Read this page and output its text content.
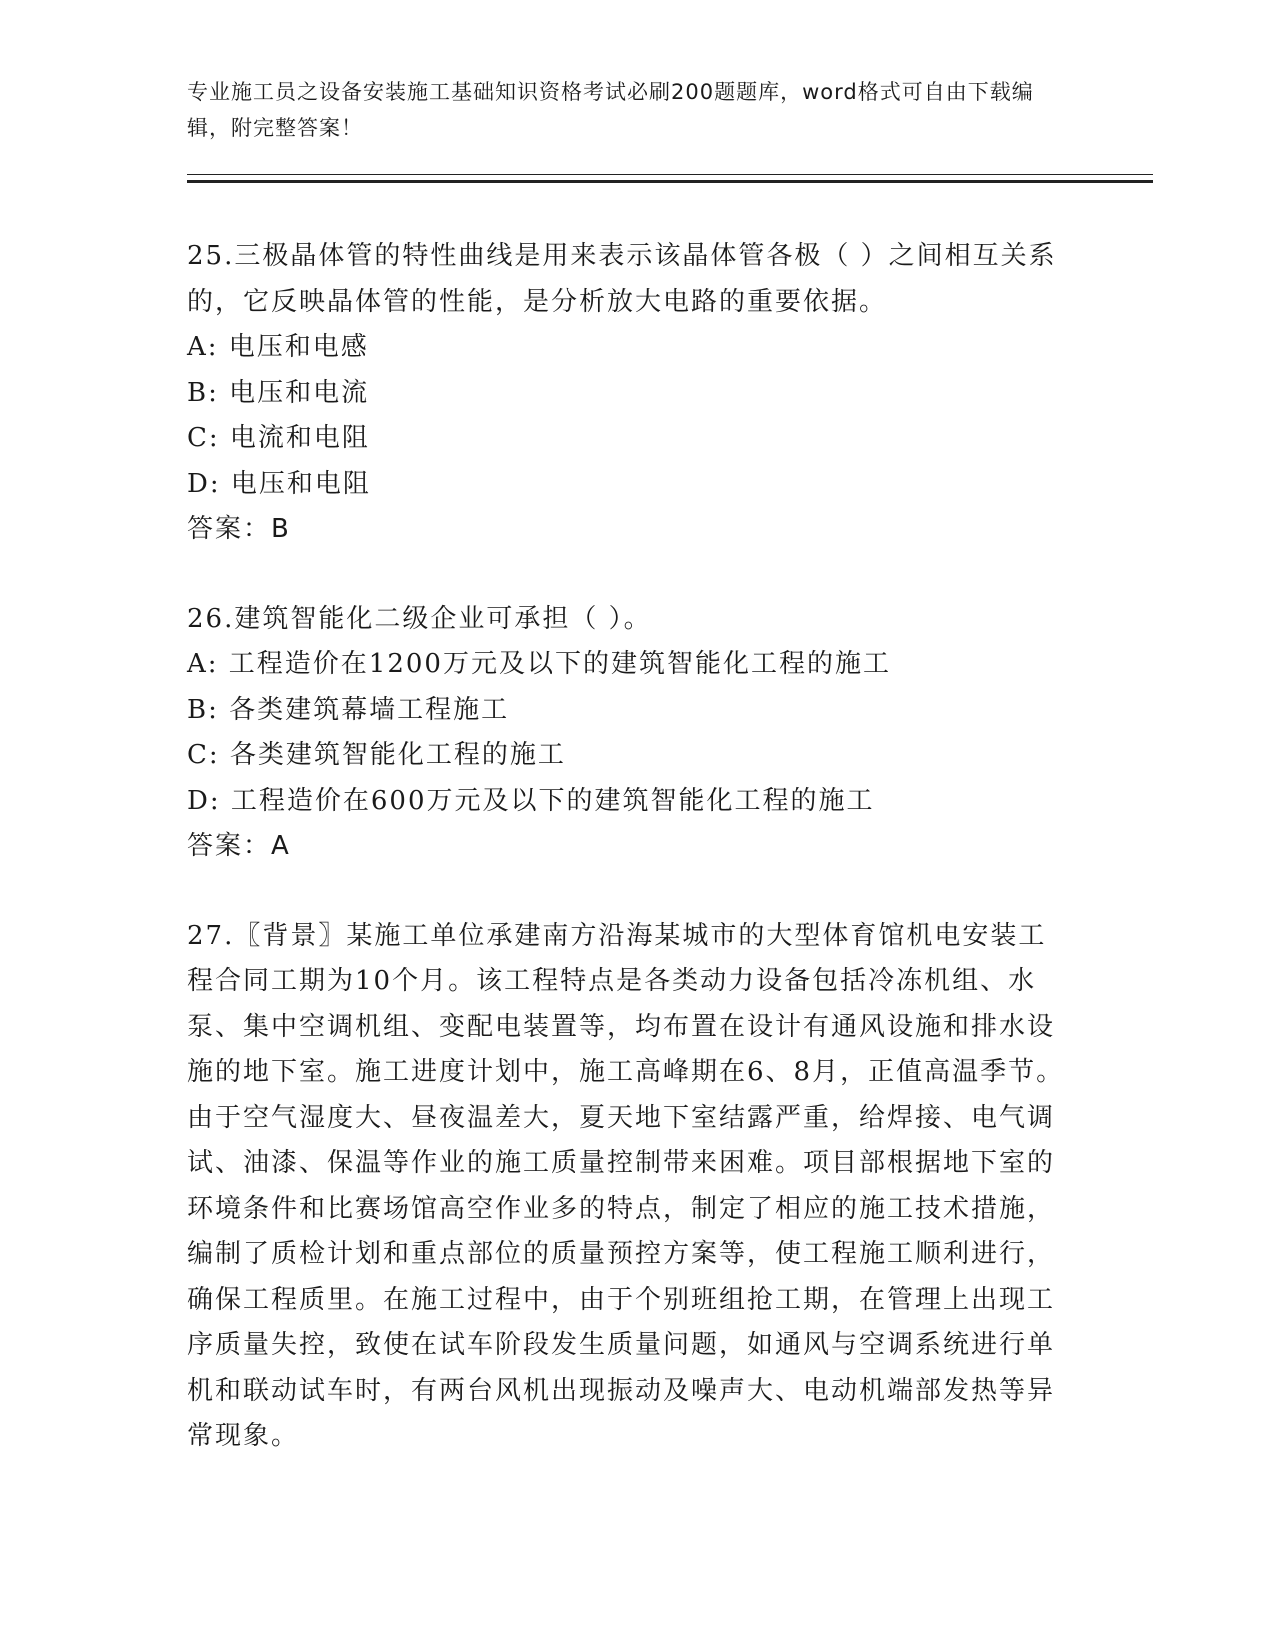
专业施工员之设备安装施工基础知识资格考试必刷200题题库，word格式可自由下载编辑，附完整答案！
25.三极晶体管的特性曲线是用来表示该晶体管各极（ ）之间相互关系的，它反映晶体管的性能，是分析放大电路的重要依据。
A: 电压和电感
B: 电压和电流
C: 电流和电阻
D: 电压和电阻
答案：B
26.建筑智能化二级企业可承担（ ）。
A: 工程造价在1200万元及以下的建筑智能化工程的施工
B: 各类建筑幕墙工程施工
C: 各类建筑智能化工程的施工
D: 工程造价在600万元及以下的建筑智能化工程的施工
答案：A
27.〖背景〗某施工单位承建南方沿海某城市的大型体育馆机电安装工程合同工期为10个月。该工程特点是各类动力设备包括冷冻机组、水泵、集中空调机组、变配电装置等，均布置在设计有通风设施和排水设施的地下室。施工进度计划中，施工高峰期在6、8月，正值高温季节。由于空气湿度大、昼夜温差大，夏天地下室结露严重，给焊接、电气调试、油漆、保温等作业的施工质量控制带来困难。项目部根据地下室的环境条件和比赛场馆高空作业多的特点，制定了相应的施工技术措施，编制了质检计划和重点部位的质量预控方案等，使工程施工顺利进行，确保工程质里。在施工过程中，由于个别班组抢工期，在管理上出现工序质量失控，致使在试车阶段发生质量问题，如通风与空调系统进行单机和联动试车时，有两台风机出现振动及噪声大、电动机端部发热等异常现象。
